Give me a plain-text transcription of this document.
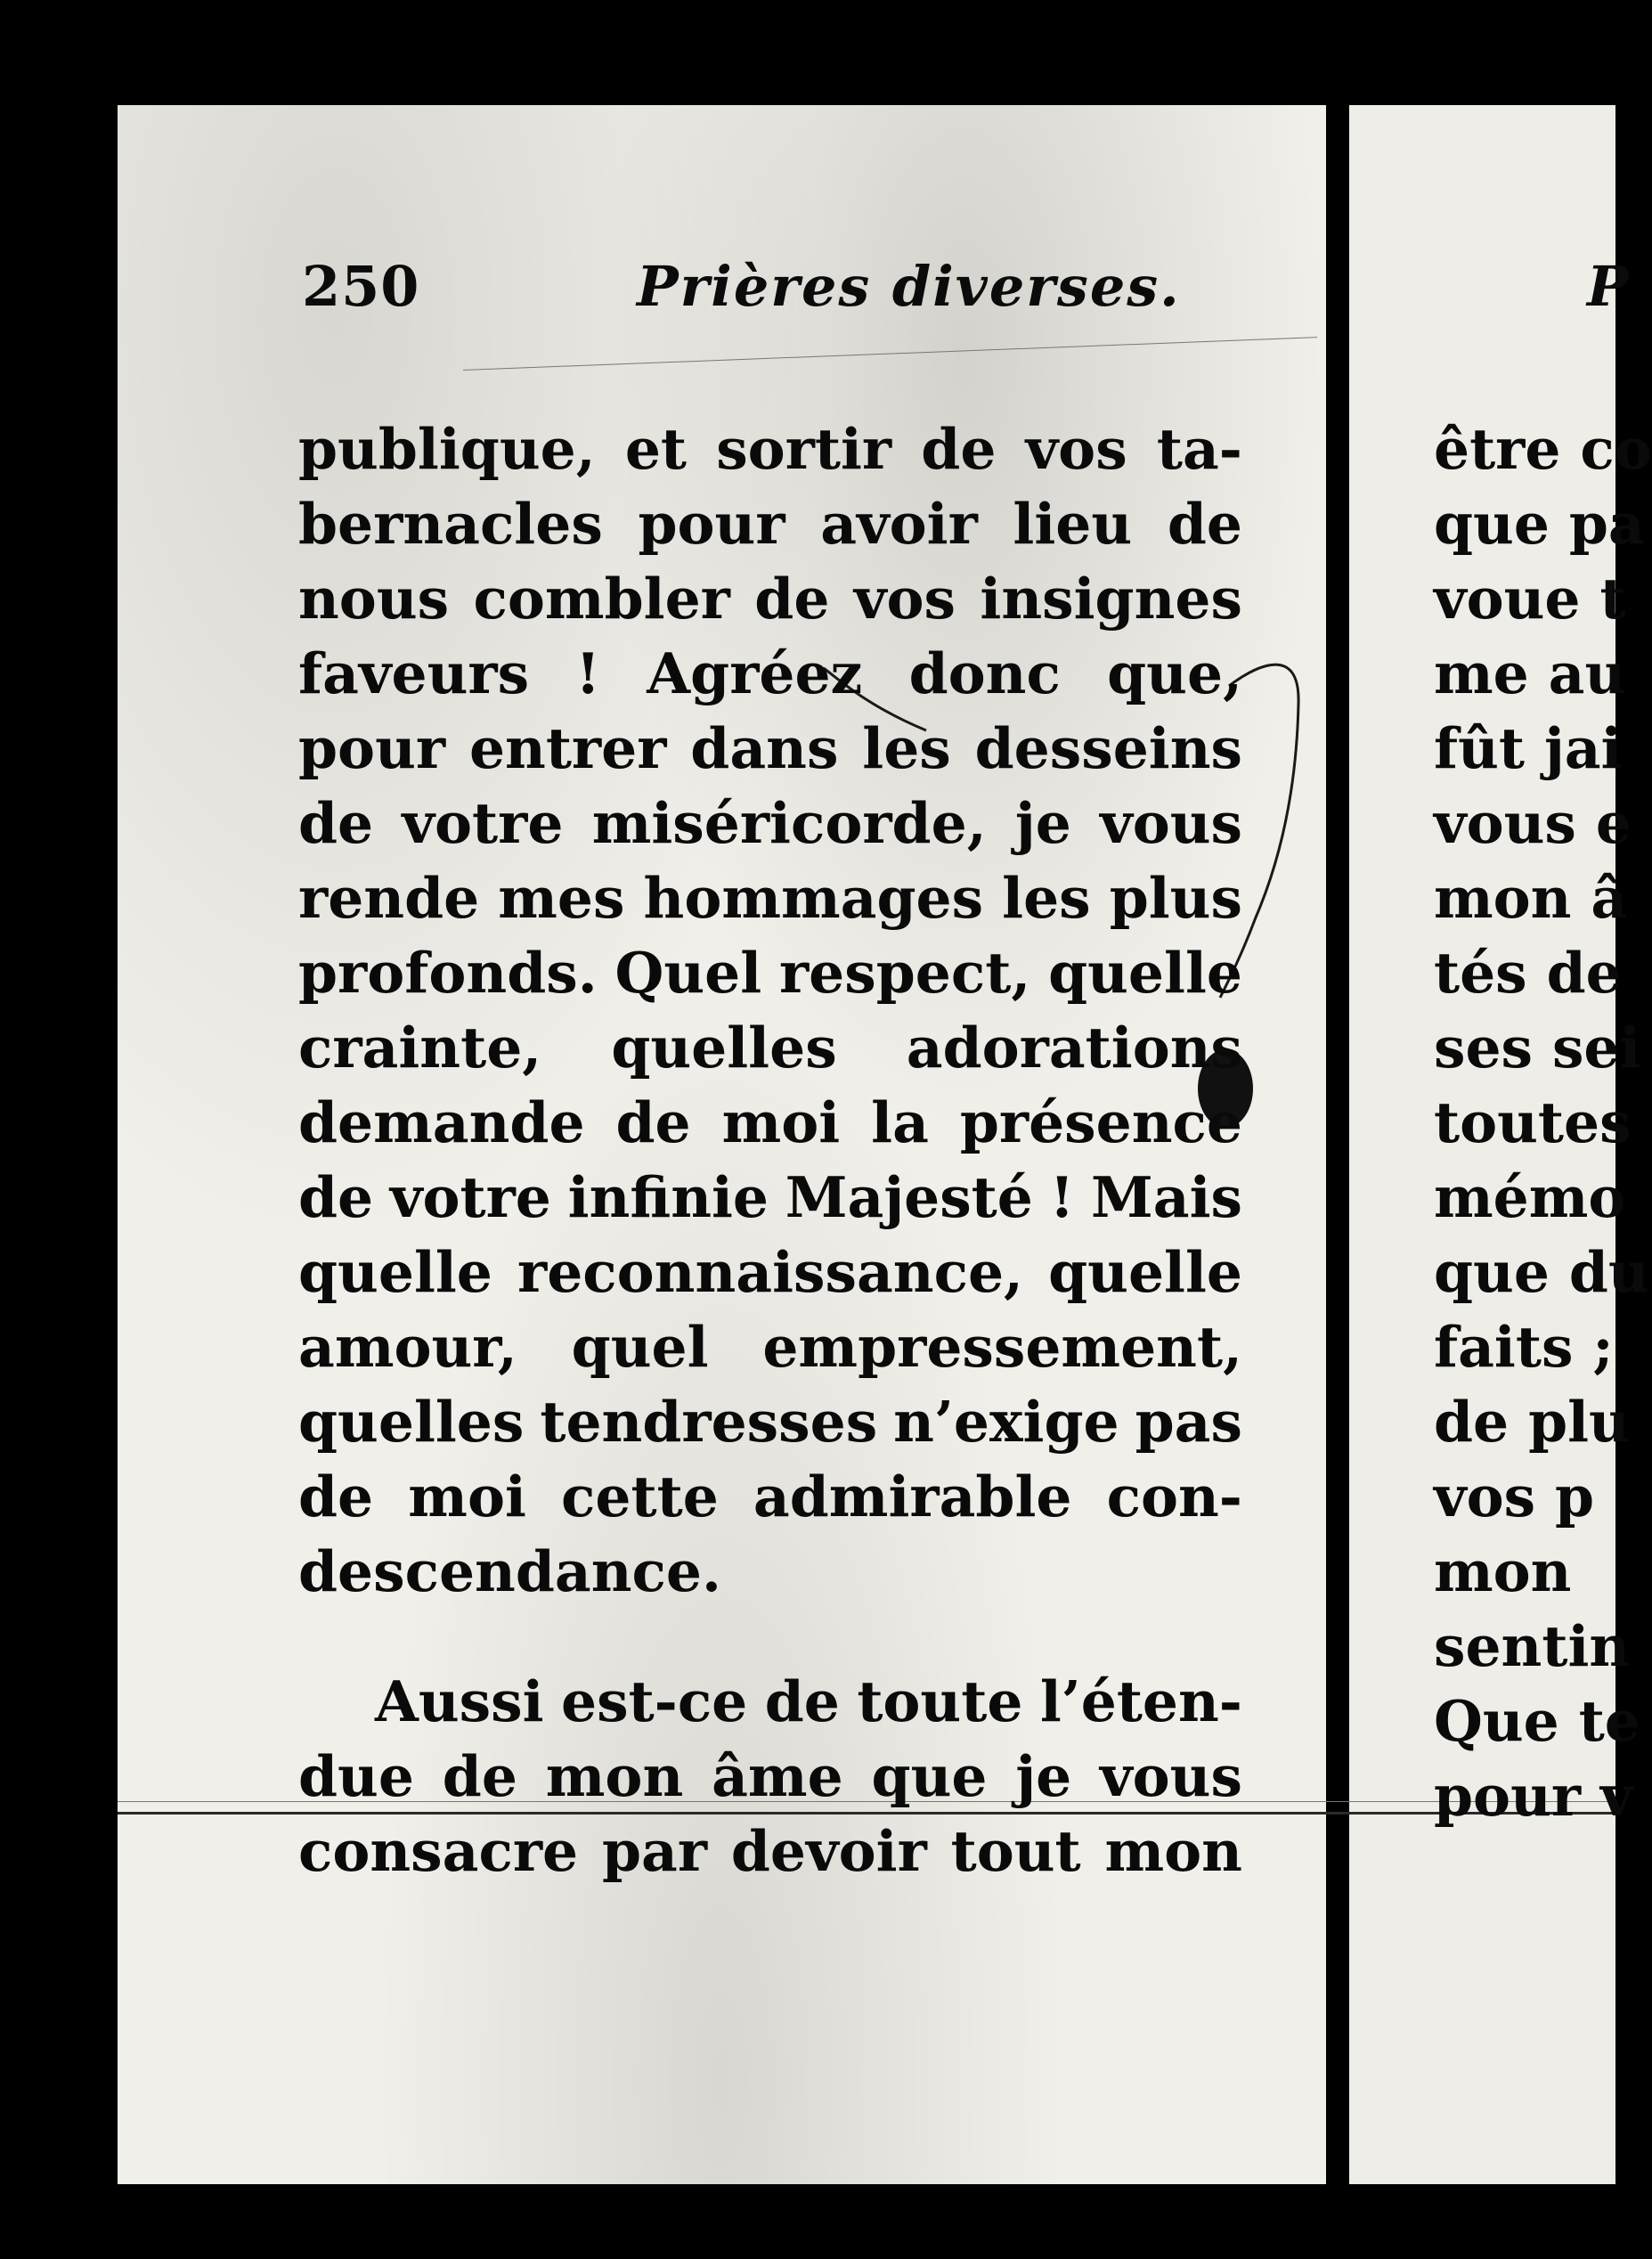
250	Prières diverses.	P
publique, et sortir de vos ta-
bernacles pour avoir lieu de
nous combler de vos insignes
faveurs ! Agréez donc que,
pour entrer dans les desseins
de votre miséricorde, je vous
rende mes hommages les plus
profonds. Quel respect, quelle
crainte, quelles adorations
demande de moi la présence
de votre infinie Majesté ! Mais
quelle reconnaissance, quelle
amour, quel empressement,
quelles tendresses n’exige pas
de moi cette admirable con-
descendance.
Aussi est-ce de toute l’éten-
due de mon âme que je vous
consacre par devoir tout mon
être co
que pa
voue t
me au
fût jai
vous e
mon â
tés de
ses sei
toutes
mémo
que du
faits ;
de plu
vos p
mon
sentin
Que te
pour v
